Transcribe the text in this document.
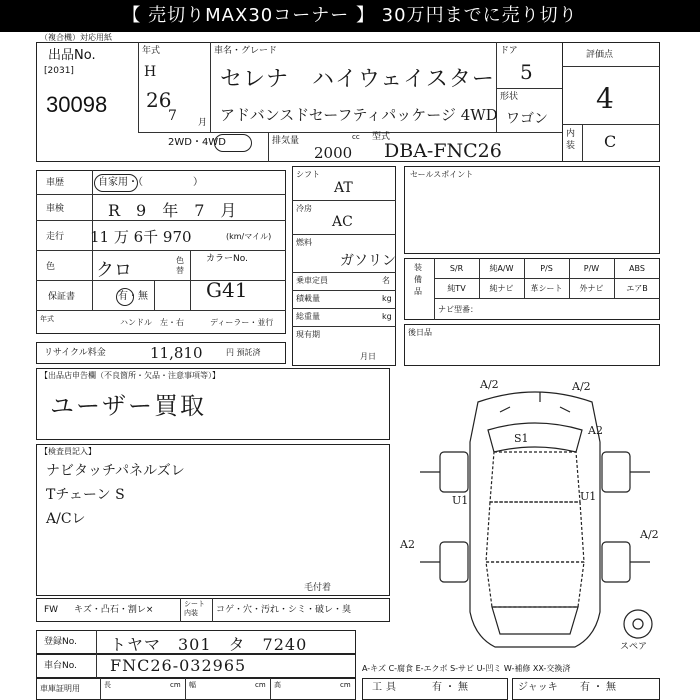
【 売切りMAX30コーナー 】 30万円までに売り切り
（複合機）対応用紙
出品No.
[2031]
30098
年式
H
26
7 月
車名・グレード
セレナ　ハイウェイスター
アドバンスドセーフティパッケージ 4WD
ドア
5
形状
ワゴン
評価点
4
内装 C
2WD・4WD	排気量	cc
2000
型式
DBA-FNC26
車歴	自家用・（　　　　　）
車検	R　9　年　7　月
走行 11 万 6千 970	(km/マイル)
色 クロ	色替
カラーNo.
G41
保証書	有・無
年式	ハンドル　左・右	ディーラー・並行
シフト
AT
冷房
AC
燃料
ガソリン
乗車定員	名
積載量	kg
総重量	kg
現有期
月日
セールスポイント
装備品
S/R	純A/W	P/S	P/W	ABS
純TV	純ナビ	革シート	外ナビ	エアB
ナビ型番：
後日品
リサイクル料金	11,810	円 預託済
【出品店申告欄（不良箇所・欠品・注意事項等）】
ユーザー買取
【検査員記入】
ナビタッチパネルズレ
Tチェーン S
A/Cレ
A/2	A/2
A2
S1
U1	U1
A2
A/2
スペア
FW キズ・凸石・割レ×
シート内装	コゲ・穴・汚れ・シミ・破レ・臭
毛付着
登録No. トヤマ　301　タ　7240
車台No. FNC26-032965	A-キズ C-腐食 E-エクボ S-サビ U-凹ミ W-補修 XX-交換済
車庫証明用	長	cm 幅	cm 高	cm 工具	有・無	ジャッキ 有・無
